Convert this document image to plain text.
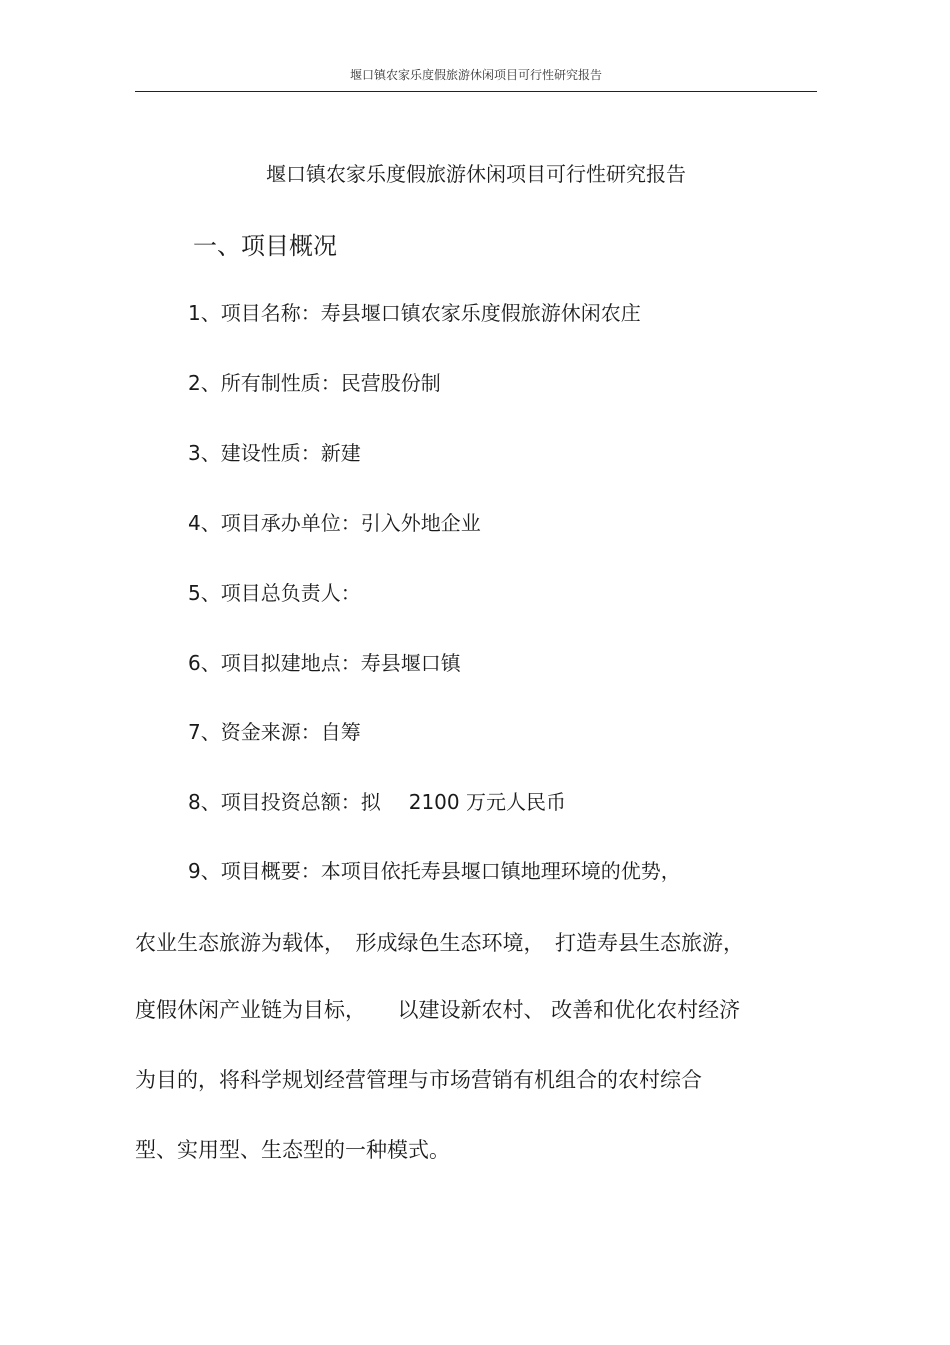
堰口镇农家乐度假旅游休闲项目可行性研究报告
堰口镇农家乐度假旅游休闲项目可行性研究报告
一、项目概况
1、项目名称：寿县堰口镇农家乐度假旅游休闲农庄
2、所有制性质：民营股份制
3、建设性质：新建
4、项目承办单位：引入外地企业
5、项目总负责人：
6、项目拟建地点：寿县堰口镇
7、资金来源：自筹
8、项目投资总额：拟 2100 万元人民币
9、项目概要：本项目依托寿县堰口镇地理环境的优势，
农业生态旅游为载体，　形成绿色生态环境，　打造寿县生态旅游，
度假休闲产业链为目标，　　以建设新农村、 改善和优化农村经济
为目的，将科学规划经营管理与市场营销有机组合的农村综合
型、实用型、生态型的一种模式。
